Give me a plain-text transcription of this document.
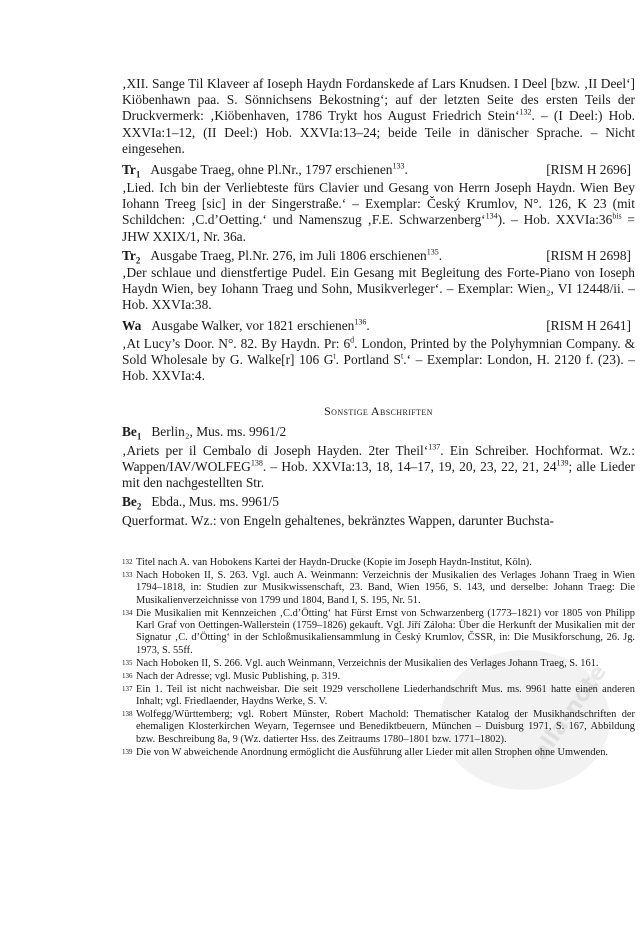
alla-note

‚XII. Sange Til Klaveer af Ioseph Haydn Fordanskede af Lars Knudsen. I Deel [bzw. ‚II Deel‘] Kiöbenhawn paa. S. Sönnichsens Bekostning‘; auf der letzten Seite des ersten Teils der Druckvermerk: ‚Kiöbenhaven, 1786 Trykt hos August Friedrich Stein‘$^{132}$. – (I Deel:) Hob. XXVIa:1–12, (II Deel:) Hob. XXVIa:13–24; beide Teile in dänischer Sprache. – Nicht eingesehen.

$Tr_1$ Ausgabe Traeg, ohne Pl.Nr., 1797 erschienen$^{133}$.	[RISM H 2696]

‚Lied. Ich bin der Verliebteste fürs Clavier und Gesang von Herrn Joseph Haydn. Wien Bey Iohann Treeg [sic] in der Singerstraße.‘ – Exemplar: Český Krumlov, N°. 126, K 23 (mit Schildchen: ‚C.d’Oetting.‘ und Namenszug ‚F.E. Schwarzenberg‘$^{134}$). – Hob. $XXVIa:36^{bis}$ = JHW XXIX/1, Nr. 36a.

$Tr_2$ Ausgabe Traeg, Pl.Nr. 276, im Juli 1806 erschienen$^{135}$.	[RISM H 2698]

‚Der schlaue und dienstfertige Pudel. Ein Gesang mit Begleitung des Forte-Piano von Ioseph Haydn Wien, bey Iohann Traeg und Sohn, Musikverleger‘. – Exemplar: Wien₂, VI 12448/ii. – Hob. XXVIa:38.

Wa Ausgabe Walker, vor 1821 erschienen$^{136}$.	[RISM H 2641]

‚At Lucy’s Door. N°. 82. By Haydn. Pr: 6$^d$. London, Printed by the Polyhymnian Company. & Sold Wholesale by G. Walke[r] 106 $G^t$. Portland $S^t.‘$ – Exemplar: London, H. 2120 f. (23). – Hob. XXVIa:4.

Sonstige Abschriften
$Be_1$ Berlin₂, Mus. ms. 9961/2

‚Ariets per il Cembalo di Joseph Hayden. 2ter Theil‘$^{137}$. Ein Schreiber. Hochformat. Wz.: Wappen/IAV/WOLFEG$^{138}$. – Hob. XXVIa:13, 18, 14–17, 19, 20, 23, 22, 21, $24^{139}$; alle Lieder mit den nachgestellten Str.

$Be_2$ Ebda., Mus. ms. 9961/5

Querformat. Wz.: von Engeln gehaltenes, bekränztes Wappen, darunter Buchsta-

132 Titel nach A. van Hobokens Kartei der Haydn-Drucke (Kopie im Joseph Haydn-Institut, Köln).
133 Nach Hoboken II, S. 263. Vgl. auch A. Weinmann: Verzeichnis der Musikalien des Verlages Johann Traeg in Wien 1794–1818, in: Studien zur Musikwissenschaft, 23. Band, Wien 1956, S. 143, und derselbe: Johann Traeg: Die Musikalienverzeichnisse von 1799 und 1804, Band I, S. 195, Nr. 51.
134 Die Musikalien mit Kennzeichen ‚C.d’Ötting‘ hat Fürst Ernst von Schwarzenberg (1773–1821) vor 1805 von Philipp Karl Graf von Oettingen-Wallerstein (1759–1826) gekauft. Vgl. Jiří Záloha: Über die Herkunft der Musikalien mit der Signatur ‚C. d’Ötting‘ in der Schloßmusikaliensammlung in Český Krumlov, ČSSR, in: Die Musikforschung, 26. Jg. 1973, S. 55ff.
135 Nach Hoboken II, S. 266. Vgl. auch Weinmann, Verzeichnis der Musikalien des Verlages Johann Traeg, S. 161.
136 Nach der Adresse; vgl. Music Publishing, p. 319.
137 Ein 1. Teil ist nicht nachweisbar. Die seit 1929 verschollene Liederhandschrift Mus. ms. 9961 hatte einen anderen Inhalt; vgl. Friedlaender, Haydns Werke, S. V.
138 Wolfegg/Württemberg; vgl. Robert Münster, Robert Machold: Thematischer Katalog der Musikhandschriften der ehemaligen Klosterkirchen Weyarn, Tegernsee und Benediktbeuern, München – Duisburg 1971, S. 167, Abbildung bzw. Beschreibung 8a, 9 (Wz. datierter Hss. des Zeitraums 1780–1801 bzw. 1771–1802).
139 Die von W abweichende Anordnung ermöglicht die Ausführung aller Lieder mit allen Strophen ohne Umwenden.
